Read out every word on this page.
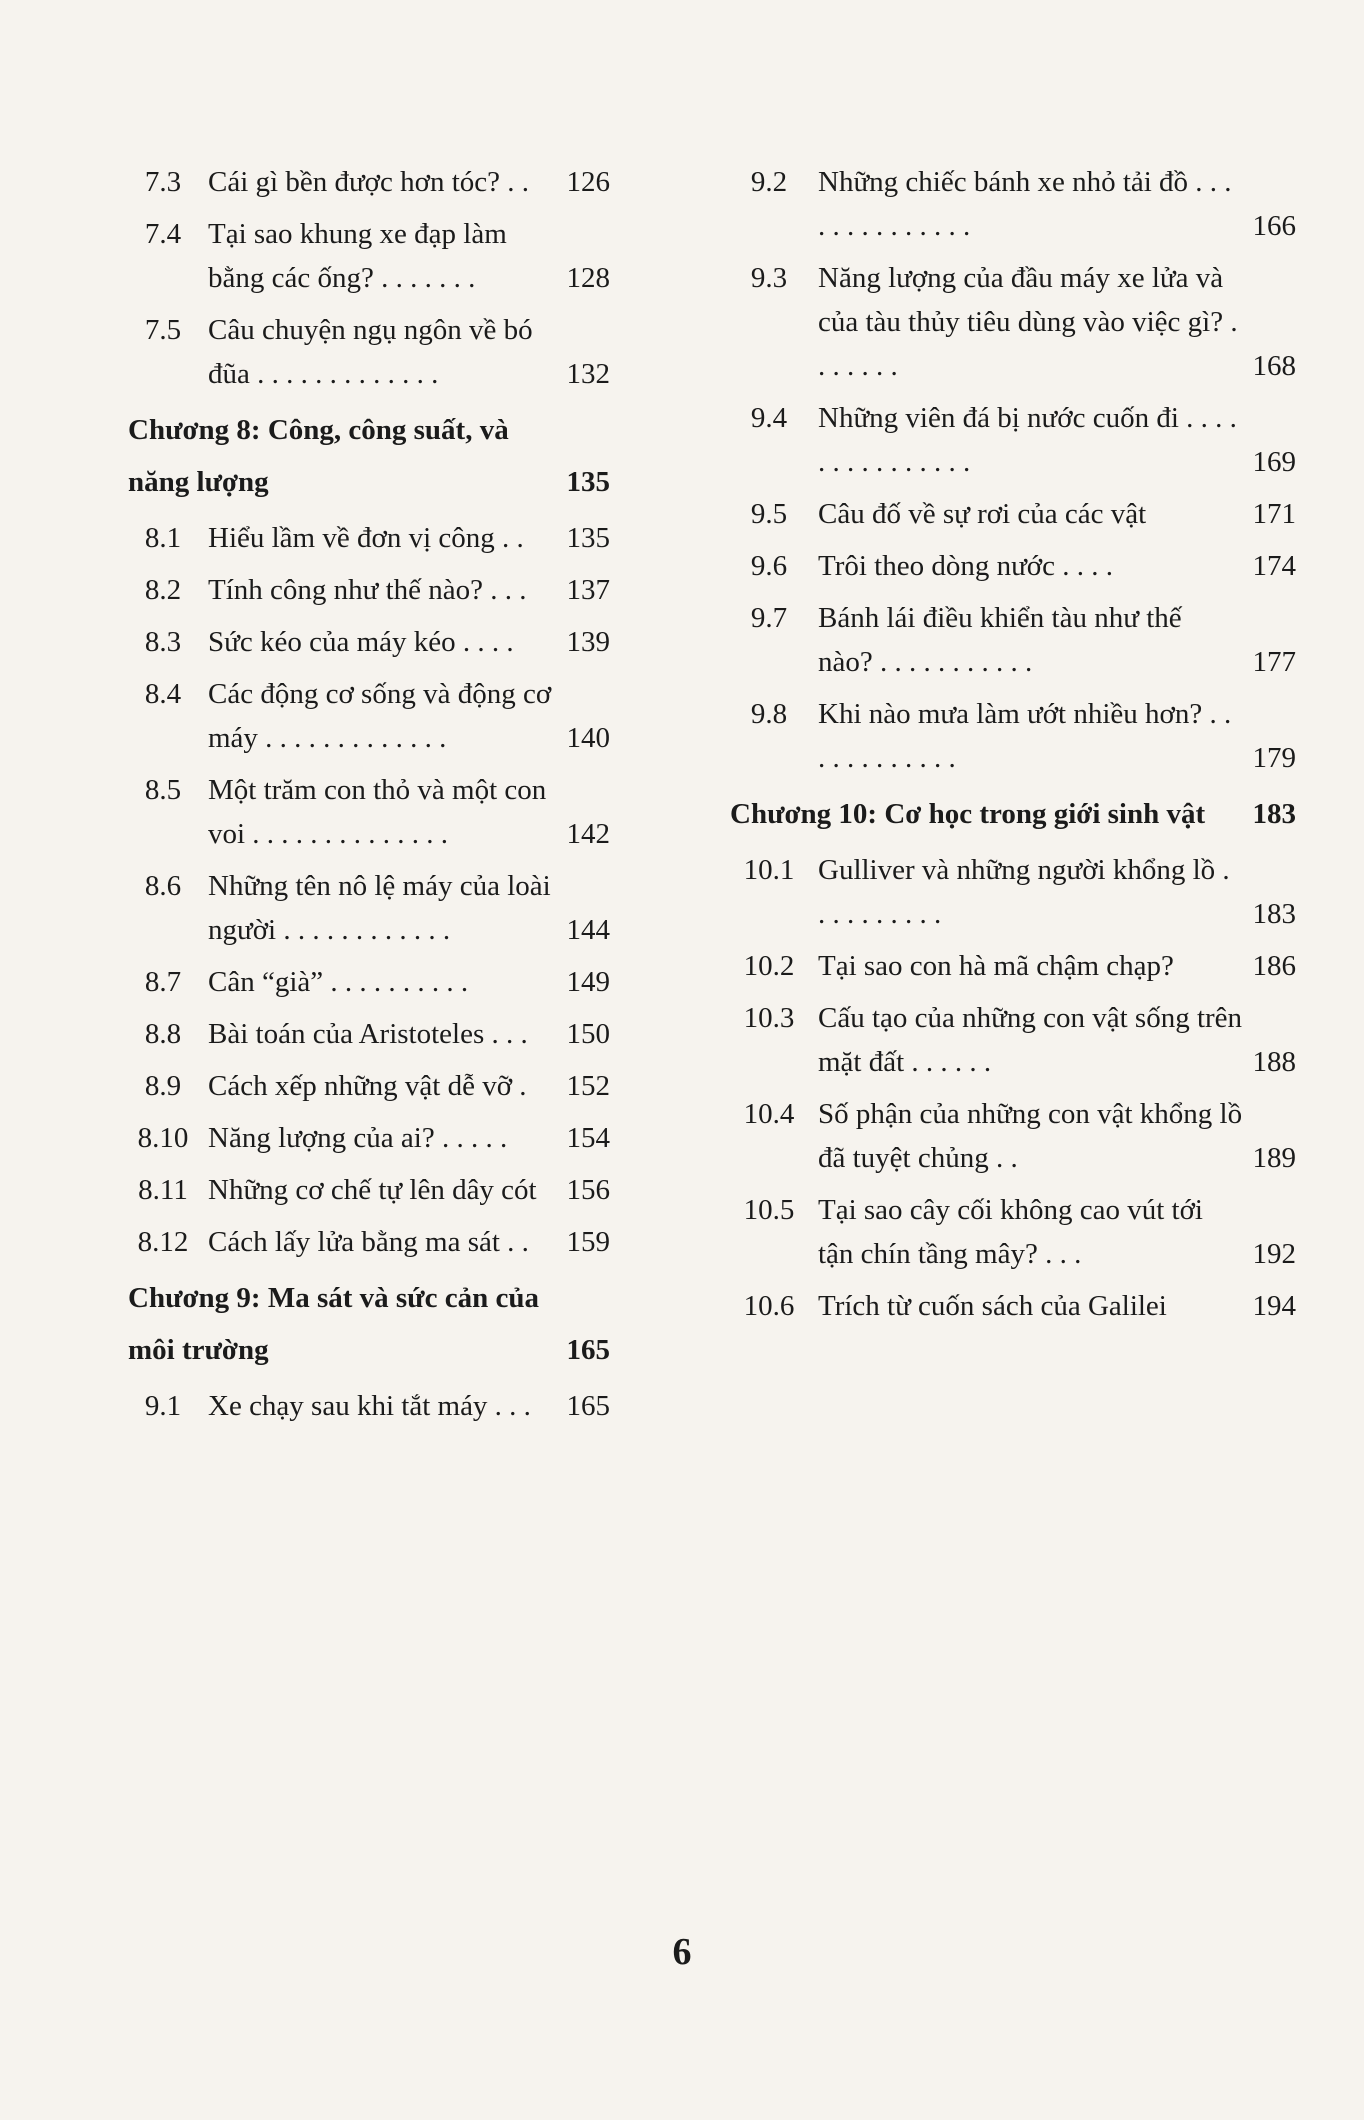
7.3 Cái gì bền được hơn tóc? . .	126
7.4 Tại sao khung xe đạp làm bằng các ống? . . . . . . .	128
7.5 Câu chuyện ngụ ngôn về bó đũa . . . . . . . . . . . . .	132
Chương 8: Công, công suất, và năng lượng	135
8.1 Hiểu lầm về đơn vị công . .	135
8.2 Tính công như thế nào? . . .	137
8.3 Sức kéo của máy kéo . . . .	139
8.4 Các động cơ sống và động cơ máy . . . . . . . . . . . . .	140
8.5 Một trăm con thỏ và một con voi . . . . . . . . . . . . . .	142
8.6 Những tên nô lệ máy của loài người . . . . . . . . . . . .	144
8.7 Cân “già” . . . . . . . . . .	149
8.8 Bài toán của Aristoteles . . .	150
8.9 Cách xếp những vật dễ vỡ .	152
8.10 Năng lượng của ai? . . . . .	154
8.11 Những cơ chế tự lên dây cót	156
8.12 Cách lấy lửa bằng ma sát . .	159
Chương 9: Ma sát và sức cản của môi trường	165
9.1 Xe chạy sau khi tắt máy . . .	165
9.2	Những chiếc bánh xe nhỏ tải đồ . . . . . . . . . . . . . .	166
9.3	Năng lượng của đầu máy xe lửa và của tàu thủy tiêu dùng vào việc gì? . . . . . . .	168
9.4	Những viên đá bị nước cuốn đi . . . . . . . . . . . . . . .	169
9.5	Câu đố về sự rơi của các vật	171
9.6	Trôi theo dòng nước . . . .	174
9.7	Bánh lái điều khiển tàu như thế nào? . . . . . . . . . . .	177
9.8	Khi nào mưa làm ướt nhiều hơn? . . . . . . . . . . . .	179
Chương 10: Cơ học trong giới sinh vật	183
10.1 Gulliver và những người khổng lồ . . . . . . . . . .	183
10.2 Tại sao con hà mã chậm chạp?	186
10.3 Cấu tạo của những con vật sống trên mặt đất . . . . . .	188
10.4 Số phận của những con vật khổng lồ đã tuyệt chủng . .	189
10.5 Tại sao cây cối không cao vút tới tận chín tầng mây? . . .	192
10.6 Trích từ cuốn sách của Galilei	194
6
